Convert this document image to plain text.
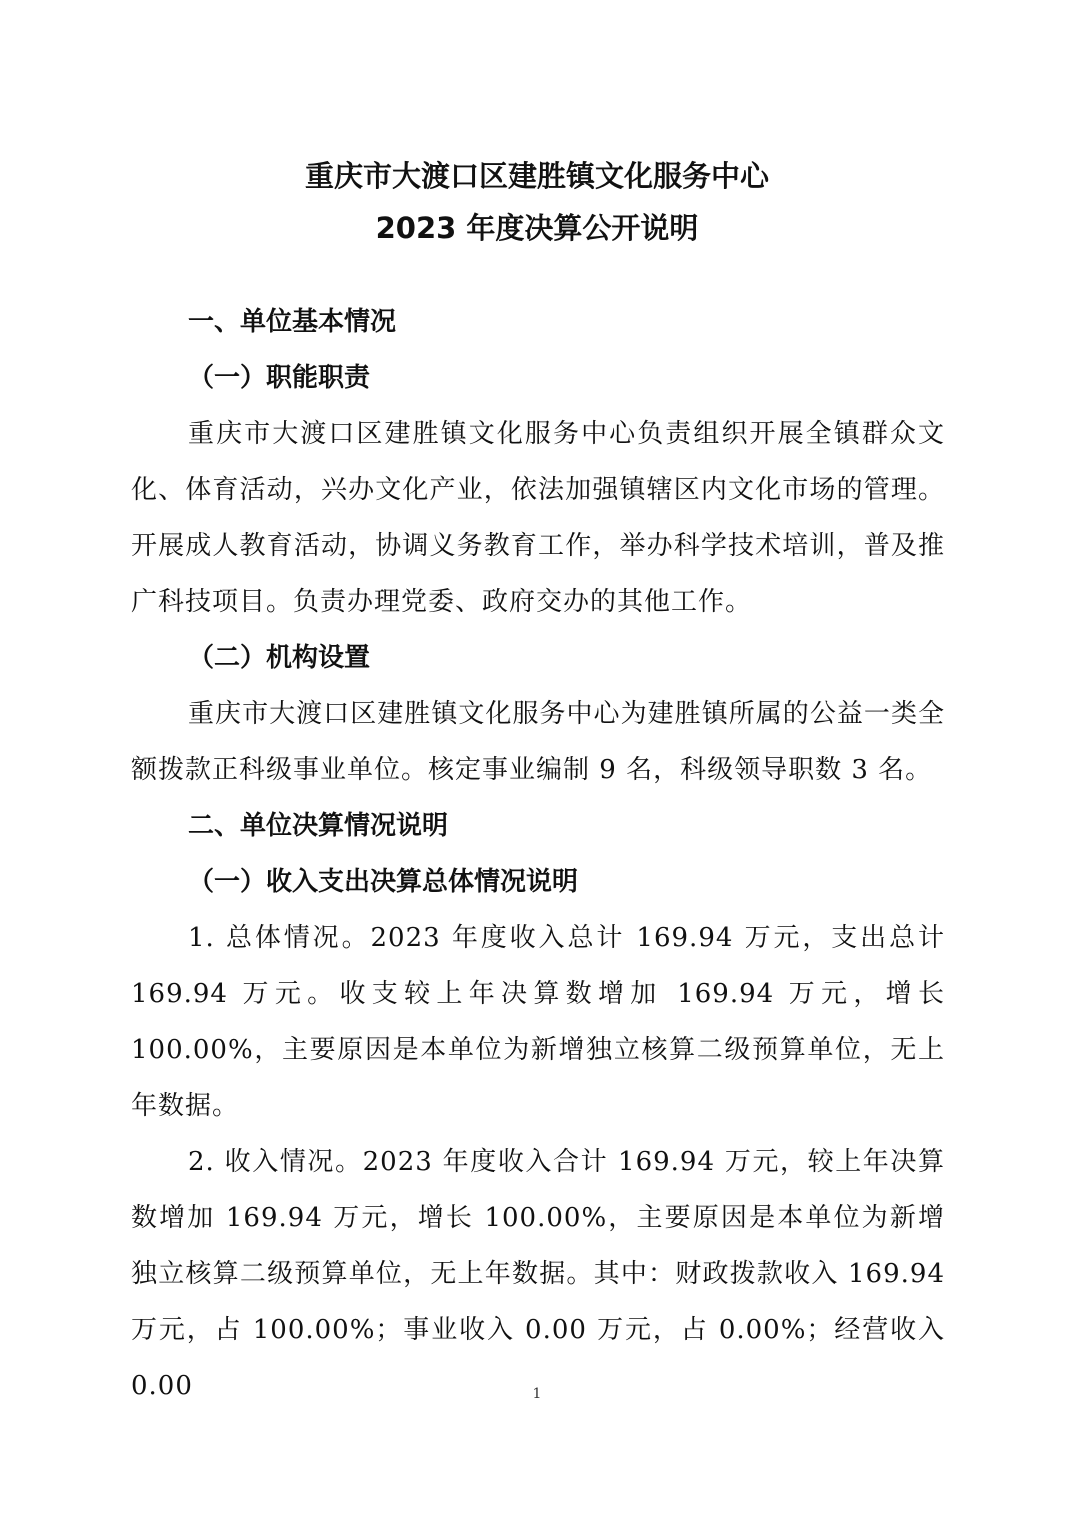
重庆市大渡口区建胜镇文化服务中心
2023 年度决算公开说明

一、单位基本情况

（一）职能职责

重庆市大渡口区建胜镇文化服务中心负责组织开展全镇群众文化、体育活动，兴办文化产业，依法加强镇辖区内文化市场的管理。开展成人教育活动，协调义务教育工作，举办科学技术培训，普及推广科技项目。负责办理党委、政府交办的其他工作。

（二）机构设置

重庆市大渡口区建胜镇文化服务中心为建胜镇所属的公益一类全额拨款正科级事业单位。核定事业编制 9 名，科级领导职数 3 名。

二、单位决算情况说明

（一）收入支出决算总体情况说明

1. 总体情况。2023 年度收入总计 169.94 万元，支出总计 169.94 万元。收支较上年决算数增加 169.94 万元，增长 100.00%，主要原因是本单位为新增独立核算二级预算单位，无上年数据。

2. 收入情况。2023 年度收入合计 169.94 万元，较上年决算数增加 169.94 万元，增长 100.00%，主要原因是本单位为新增独立核算二级预算单位，无上年数据。其中：财政拨款收入 169.94 万元，占 100.00%；事业收入 0.00 万元，占 0.00%；经营收入 0.00	1
